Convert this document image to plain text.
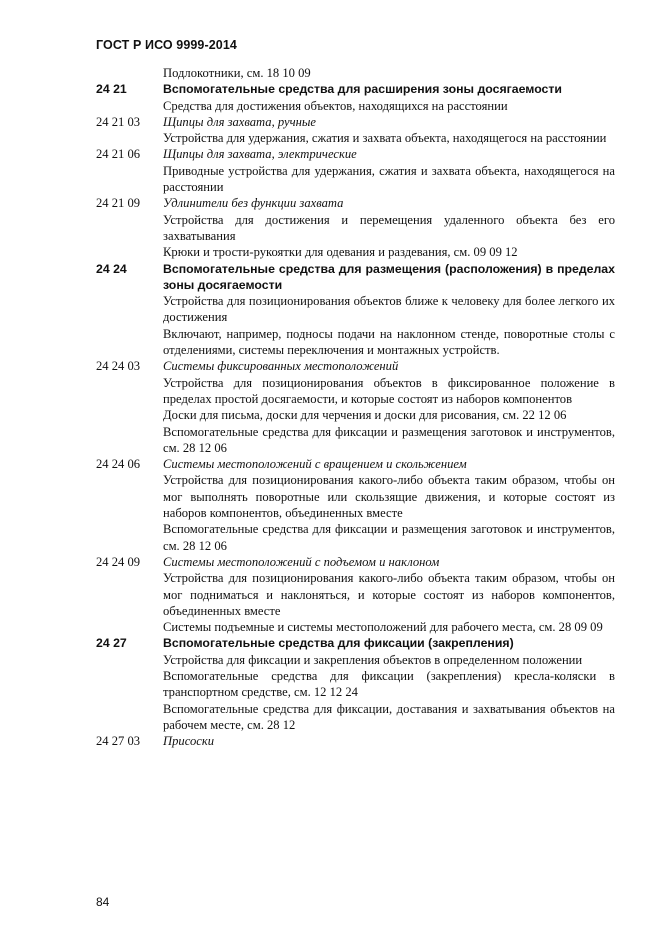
ГОСТ Р ИСО 9999-2014
Подлокотники, см. 18 10 09
24 21	Вспомогательные средства для расширения зоны досягаемости
Средства для достижения объектов, находящихся на расстоянии
24 21 03	Щипцы для захвата, ручные
Устройства для удержания, сжатия и захвата объекта, находящегося на расстоянии
24 21 06	Щипцы для захвата, электрические
Приводные устройства для удержания, сжатия и захвата объекта, находящегося на расстоянии
24 21 09	Удлинители без функции захвата
Устройства для достижения и перемещения удаленного объекта без его захватывания
Крюки и трости-рукоятки для одевания и раздевания, см. 09 09 12
24 24	Вспомогательные средства для размещения (расположения) в пределах зоны досягаемости
Устройства для позиционирования объектов ближе к человеку для более легкого их достижения
Включают, например, подносы подачи на наклонном стенде, поворотные столы с отделениями, системы переключения и монтажных устройств.
24 24 03	Системы фиксированных местоположений
Устройства для позиционирования объектов в фиксированное положение в пределах простой досягаемости, и которые состоят из наборов компонентов
Доски для письма, доски для черчения и доски для рисования, см. 22 12 06
Вспомогательные средства для фиксации и размещения заготовок и инструментов, см. 28 12 06
24 24 06	Системы местоположений с вращением и скольжением
Устройства для позиционирования какого-либо объекта таким образом, чтобы он мог выполнять поворотные или скользящие движения, и которые состоят из наборов компонентов, объединенных вместе
Вспомогательные средства для фиксации и размещения заготовок и инструментов, см. 28 12 06
24 24 09	Системы местоположений с подъемом и наклоном
Устройства для позиционирования какого-либо объекта таким образом, чтобы он мог подниматься и наклоняться, и которые состоят из наборов компонентов, объединенных вместе
Системы подъемные и системы местоположений для рабочего места, см. 28 09 09
24 27	Вспомогательные средства для фиксации (закрепления)
Устройства для фиксации и закрепления объектов в определенном положении
Вспомогательные средства для фиксации (закрепления) кресла-коляски в транспортном средстве, см. 12 12 24
Вспомогательные средства для фиксации, доставания и захватывания объектов на рабочем месте, см. 28 12
24 27 03	Присоски
84
